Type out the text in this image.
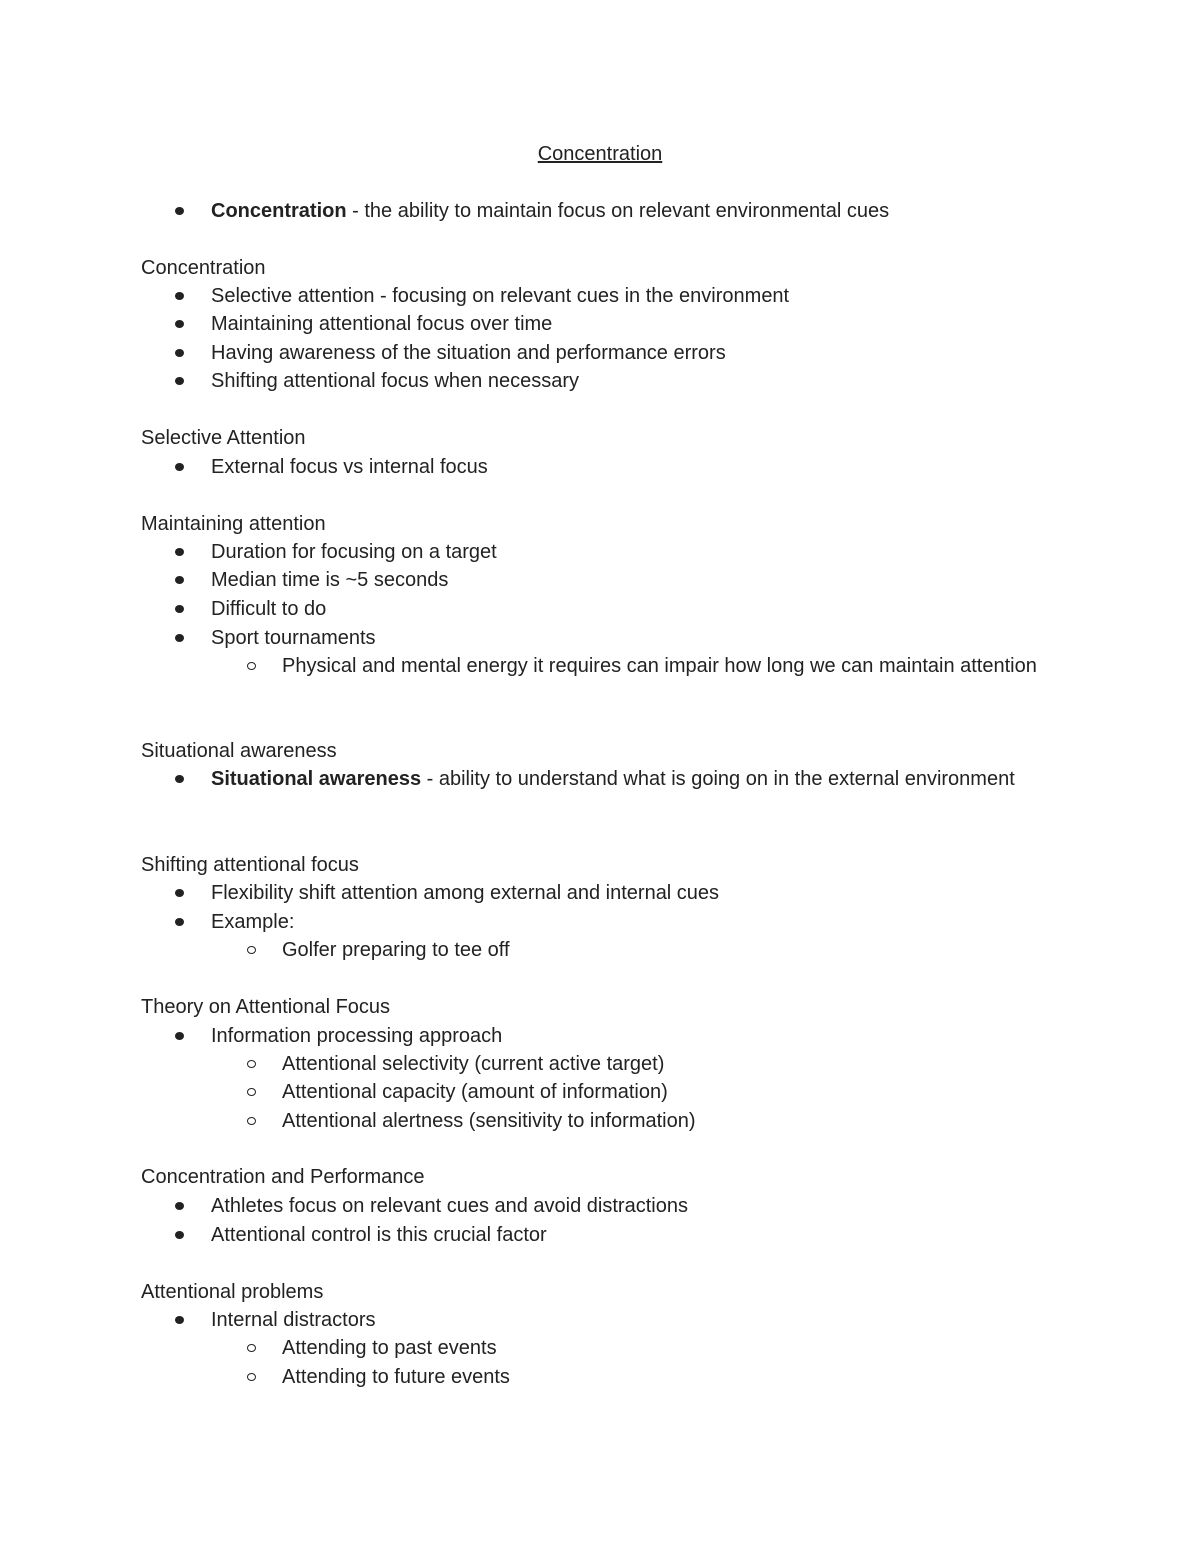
Concentration
Concentration - the ability to maintain focus on relevant environmental cues
Concentration
Selective attention - focusing on relevant cues in the environment
Maintaining attentional focus over time
Having awareness of the situation and performance errors
Shifting attentional focus when necessary
Selective Attention
External focus vs internal focus
Maintaining attention
Duration for focusing on a target
Median time is ~5 seconds
Difficult to do
Sport tournaments
Physical and mental energy it requires can impair how long we can maintain attention
Situational awareness
Situational awareness - ability to understand what is going on in the external environment
Shifting attentional focus
Flexibility shift attention among external and internal cues
Example:
Golfer preparing to tee off
Theory on Attentional Focus
Information processing approach
Attentional selectivity (current active target)
Attentional capacity (amount of information)
Attentional alertness (sensitivity to information)
Concentration and Performance
Athletes focus on relevant cues and avoid distractions
Attentional control is this crucial factor
Attentional problems
Internal distractors
Attending to past events
Attending to future events
